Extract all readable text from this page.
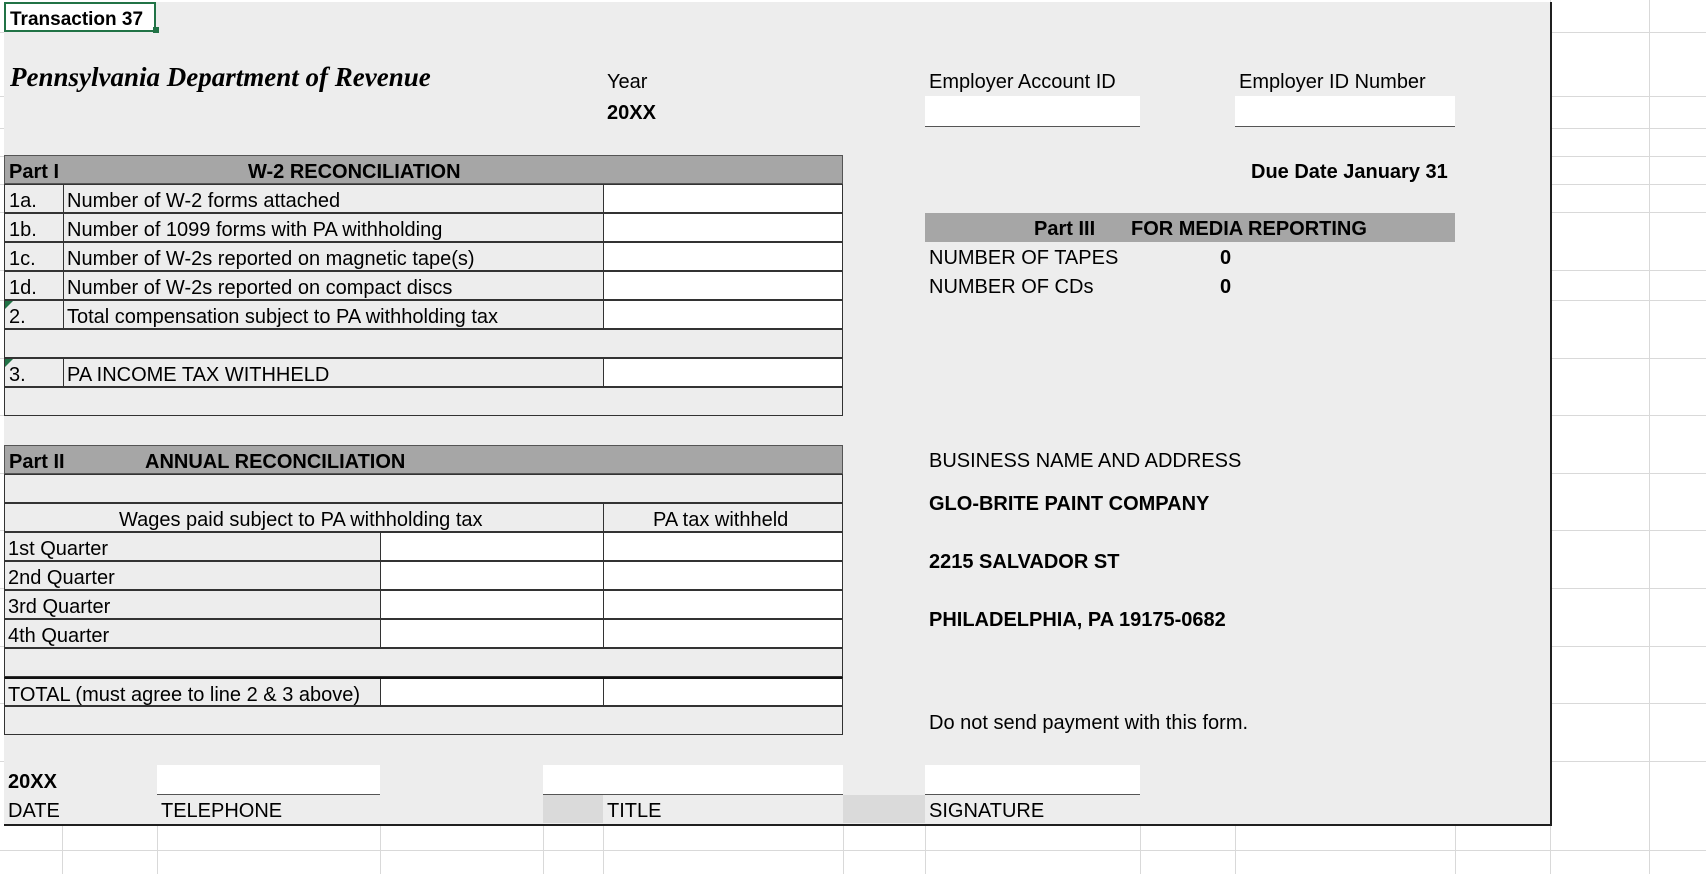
Transaction 37
Pennsylvania Department of Revenue	Year
20XX
Employer Account ID	Employer ID Number
Due Date January 31
Part I	W-2 RECONCILIATION
1a. Number of W-2 forms attached
1b. Number of 1099 forms with PA withholding
1c. Number of W-2s reported on magnetic tape(s)
1d. Number of W-2s reported on compact discs
2. Total compensation subject to PA withholding tax
3. PA INCOME TAX WITHHELD
Part III FOR MEDIA REPORTING
NUMBER OF TAPES	0
NUMBER OF CDs	0
Part II	ANNUAL RECONCILIATION
Wages paid subject to PA withholding tax	PA tax withheld
1st Quarter
2nd Quarter
3rd Quarter
4th Quarter
TOTAL (must agree to line 2 & 3 above)
BUSINESS NAME AND ADDRESS
GLO-BRITE PAINT COMPANY
2215 SALVADOR ST
PHILADELPHIA, PA 19175-0682
Do not send payment with this form.
20XX
DATE	TELEPHONE	TITLE	SIGNATURE
